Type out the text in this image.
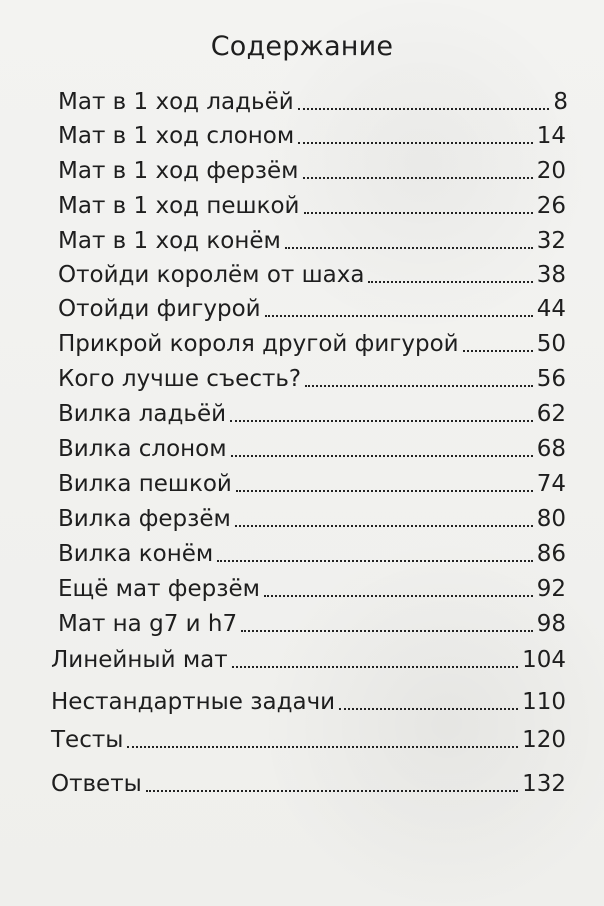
Содержание
Мат в 1 ход ладьёй	8
Мат в 1 ход слоном	14
Мат в 1 ход ферзём	20
Мат в 1 ход пешкой	26
Мат в 1 ход конём	32
Отойди королём от шаха	38
Отойди фигурой	44
Прикрой короля другой фигурой	50
Кого лучше съесть?	56
Вилка ладьёй	62
Вилка слоном	68
Вилка пешкой	74
Вилка ферзём	80
Вилка конём	86
Ещё мат ферзём	92
Мат на g7 и h7	98
Линейный мат	104
Нестандартные задачи	110
Тесты	120
Ответы	132
